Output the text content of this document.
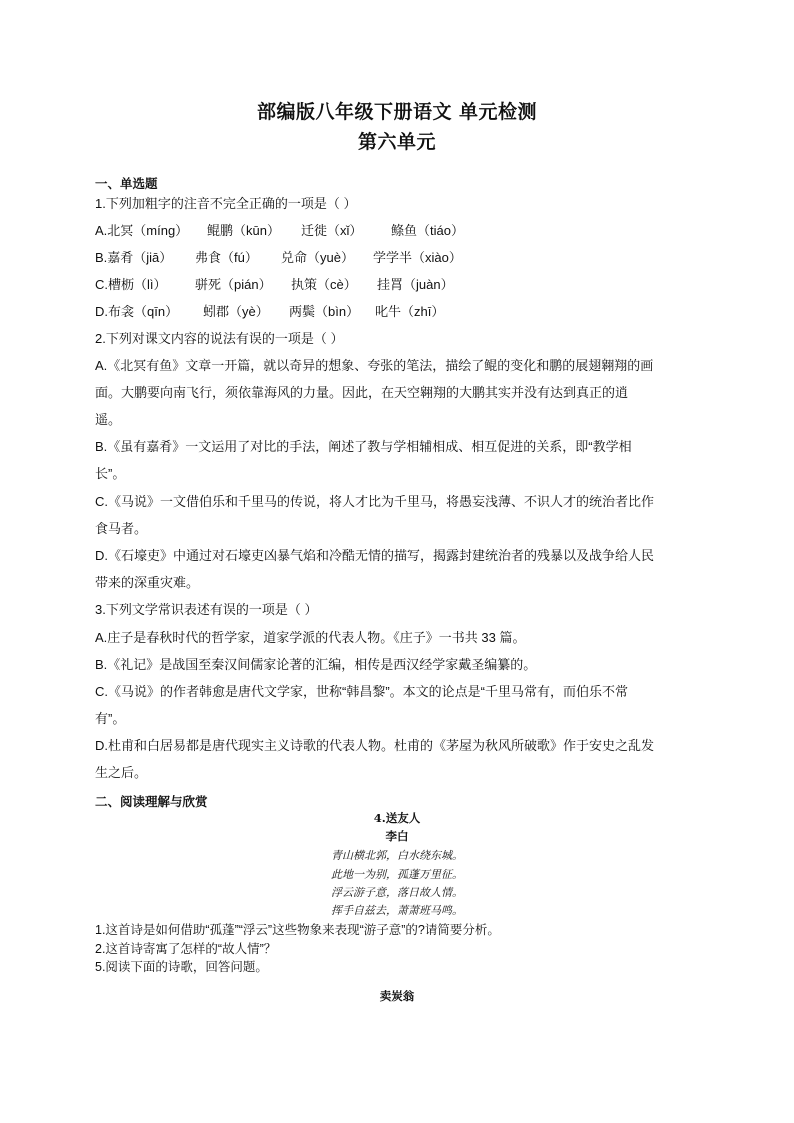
部编版八年级下册语文 单元检测
第六单元
一、单选题
1.下列加粗字的注音不完全正确的一项是（ ）
A.北冥（míng） 鲲鹏（kūn） 迁徙（xǐ） 鲦鱼（tiáo）
B.嘉肴（jiā） 弗食（fú） 兑命（yuè） 学学半（xiào）
C.槽枥（lì） 骈死（pián） 执策（cè） 挂罥（juàn）
D.布衾（qīn） 蚓郡（yè） 两鬓（bìn） 叱牛（zhī）
2.下列对课文内容的说法有误的一项是（ ）
A.《北冥有鱼》文章一开篇，就以奇异的想象、夸张的笔法，描绘了鲲的变化和鹏的展翅翱翔的画
面。大鹏要向南飞行，须依靠海风的力量。因此，在天空翱翔的大鹏其实并没有达到真正的逍
遥。
B.《虽有嘉肴》一文运用了对比的手法，阐述了教与学相辅相成、相互促进的关系，即“教学相
长”。
C.《马说》一文借伯乐和千里马的传说，将人才比为千里马，将愚妄浅薄、不识人才的统治者比作
食马者。
D.《石壕吏》中通过对石壕吏凶暴气焰和冷酷无情的描写，揭露封建统治者的残暴以及战争给人民
带来的深重灾难。
3.下列文学常识表述有误的一项是（ ）
A.庄子是春秋时代的哲学家，道家学派的代表人物。《庄子》一书共 33 篇。
B.《礼记》是战国至秦汉间儒家论著的汇编，相传是西汉经学家戴圣编纂的。
C.《马说》的作者韩愈是唐代文学家，世称“韩昌黎”。本文的论点是“千里马常有，而伯乐不常
有”。
D.杜甫和白居易都是唐代现实主义诗歌的代表人物。杜甫的《茅屋为秋风所破歌》作于安史之乱发
生之后。
二、阅读理解与欣赏
4.送友人
李白
青山横北郭，白水绕东城。
此地一为别，孤蓬万里征。
浮云游子意，落日故人情。
挥手自兹去，萧萧班马鸣。
1.这首诗是如何借助“孤蓬”“浮云”这些物象来表现“游子意”的?请简要分析。
2.这首诗寄寓了怎样的“故人情”？
5.阅读下面的诗歌，回答问题。
卖炭翁
